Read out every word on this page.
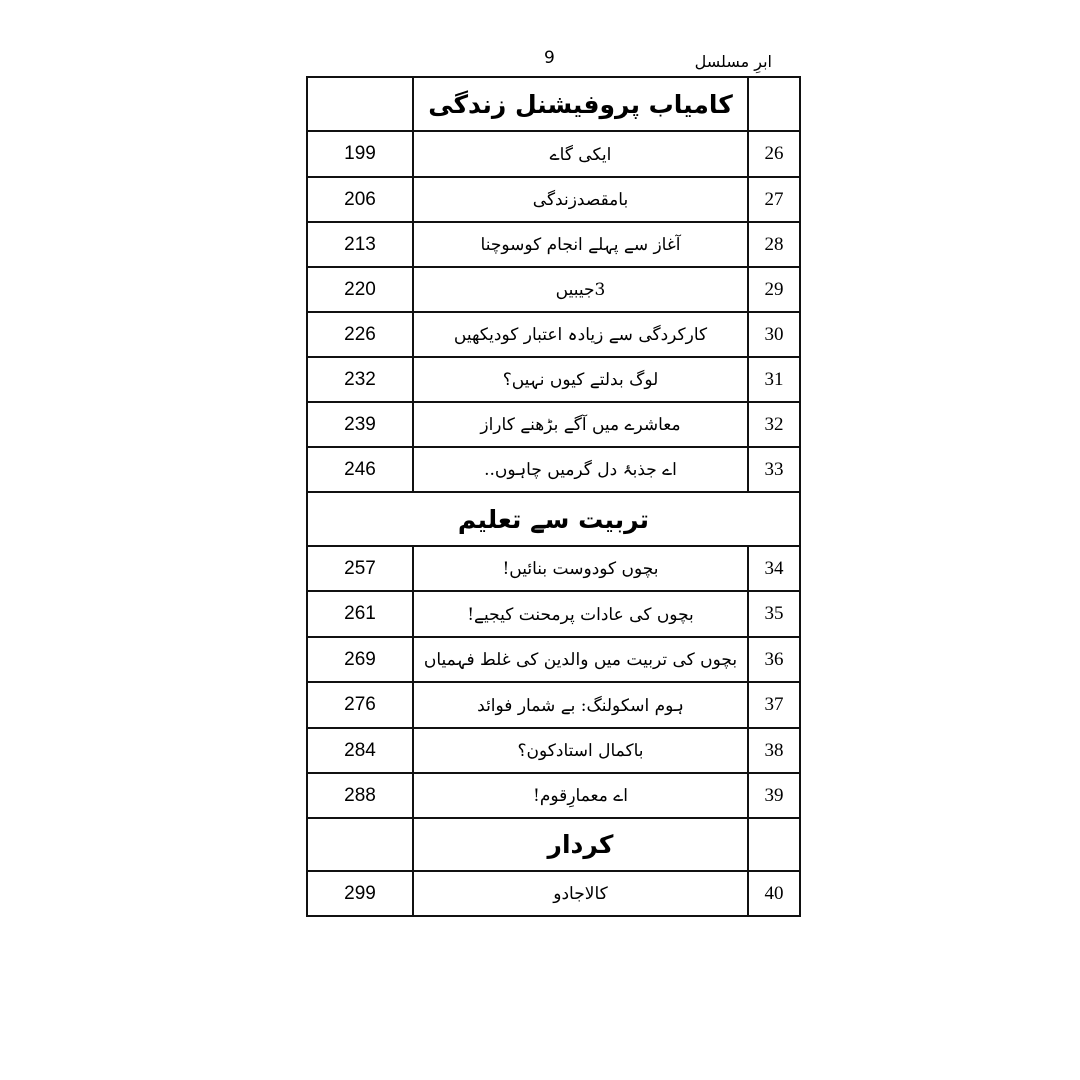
9	ابرِ مسلسل
	کامیاب پروفیشنل زندگی	
199	ایکی گاے	26
206	بامقصدزندگی	27
213	آغاز سے پہلے انجام کوسوچنا	28
220	3جیبیں	29
226	کارکردگی سے زیادہ اعتبار کودیکھیں	30
232	لوگ بدلتے کیوں نہیں؟	31
239	معاشرے میں آگے بڑھنے کاراز	32
246	اے جذبۂ دل گرمیں چاہوں..	33
تربیت سے تعلیم		
257	بچوں کودوست بنائیں!	34
261	بچوں کی عادات پرمحنت کیجیے!	35
269	بچوں کی تربیت میں والدین کی غلط فہمیاں	36
276	ہوم اسکولنگ: بے شمار فوائد	37
284	باکمال استادکون؟	38
288	اے معمارِقوم!	39
	کردار	
299	کالاجادو	40
